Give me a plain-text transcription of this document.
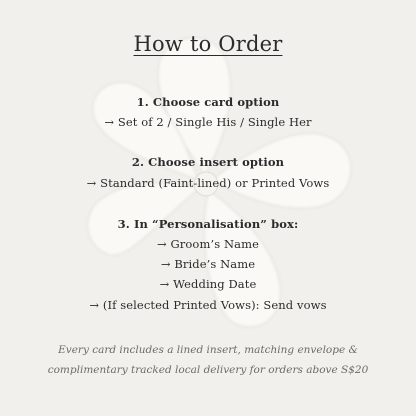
How to Order
1. Choose card option
→ Set of 2 / Single His / Single Her
2. Choose insert option
→ Standard (Faint-lined) or Printed Vows
3. In “Personalisation” box:
→ Groom’s Name
→ Bride’s Name
→ Wedding Date
→ (If selected Printed Vows): Send vows
Every card includes a lined insert, matching envelope &
complimentary tracked local delivery for orders above S$20
